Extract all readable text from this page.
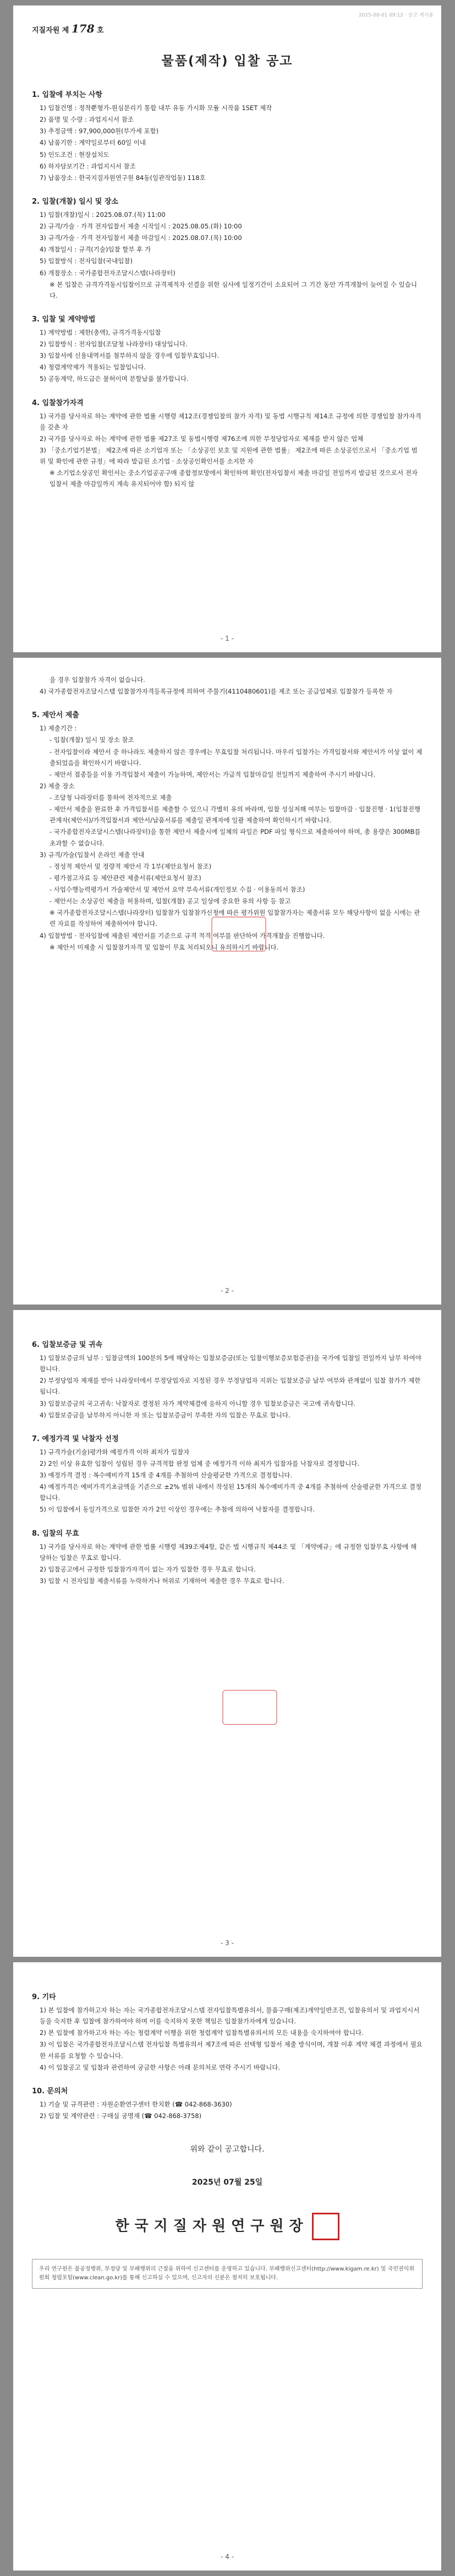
2025-08-01 09:12 · 공고 게시용
지질자원 제 178 호
물품(제작) 입찰 공고
1. 입찰에 부치는 사항
1) 입찰건명 : 정착뿐형가-원심분리기 통합 내부 유동 가시화 모듈 시작품 1SET 제작
2) 품명 및 수량 : 과업지시서 참조
3) 추정금액 : 97,900,000원(부가세 포함)
4) 납품기한 : 계약일로부터 60일 이내
5) 인도조건 : 현장설치도
6) 하자담보기간 : 과업지시서 참조
7) 납품장소 : 한국지질자원연구원 84동(일관작업동) 118호
2. 입찰(개찰) 일시 및 장소
1) 입찰(개찰)일시 : 2025.08.07.(목) 11:00
2) 규격/가술 · 가격 전자입찰서 제출 시작일시 : 2025.08.05.(화) 10:00
3) 규격/가술 · 가격 전자입찰서 제출 마감일시 : 2025.08.07.(목) 10:00
4) 개찰일시 : 규격(기술)입찰 할부 후 가
5) 입찰방식 : 전자입찰(국내입찰)
6) 개찰장소 : 국가종합전자조달시스템(나라장터)
※ 본 입찰은 규격가격동시입찰이므로 규격제적자 선결을 위한 심사에 일정기간이 소요되어 그 기간 동안 가격개찰이 늦어질 수 있습니다.
3. 입찰 및 계약방법
1) 계약방법 : 제한(총액), 규격가격동시입찰
2) 입찰방식 : 전자입찰(조달청 나라장터) 대상입니다.
3) 입찰서에 신용내역서를 첨부하지 않을 경우에 입찰무효입니다.
4) 청렴계약제가 적용되는 입찰입니다.
5) 공동계약, 하도급은 불허이며 분할납품 불가합니다.
4. 입찰참가자격
1) 국가를 당사자로 하는 계약에 관한 법률 시행령 제12조(경쟁입찰의 참가 자격) 및 동법 시행규칙 제14조 규정에 의한 경쟁입찰 참가자격을 갖춘 자
2) 국가를 당사자로 하는 계약에 관한 법률 제27조 및 동법시행령 제76조에 의한 부정당업자로 제재를 받지 않은 업체
3) 「중소기업기본법」 제2조에 따른 소기업자 또는 「소상공인 보호 및 지원에 관한 법률」 제2조에 따른 소상공인으로서 「중소기업 범위 및 확인에 관한 규정」에 따라 발급된 소기업 · 소상공인확인서를 소지한 자
※ 소기업소상공인 확인서는 중소기업공공구매 종합정보망에서 확인하며 확인(전자입찰서 제출 마감일 전일까지 발급된 것으로서 전자입찰서 제출 마감일까지 계속 유지되어야 함) 되지 않
- 1 -
을 경우 입찰참가 자격이 없습니다.
4) 국가종합전자조달시스템 입찰참가자격등록규정에 의하여 주물기(4110480601)를 제조 또는 공급업체로 입찰참가 등록한 자
5. 제안서 제출
1) 제출기간 :
- 입찰(개찰) 일시 및 장소 참조
- 전자입찰이라 제안서 중 하나라도 제출하지 않은 경우에는 무효입찰 처리됩니다. 마우리 입찰가는 가격입찰서와 제안서가 이상 없이 제출되었음을 확인하시기 바랍니다.
- 제안서 접종들을 이용 가격입찰서 제출이 가능하며, 제안서는 가급적 입찰마감일 전일까지 제출하여 주시기 바랍니다.
2) 제출 장소
- 조달청 나라장터를 통하여 전자적으로 제출
- 제안서 제출을 완료한 후 가격입찰서를 제출할 수 있으니 각별히 유의 바라며, 입찰 성실저해 여부는 입찰마감 · 입찰진행 · 1(입찰진행 관계자(제안서)/가격입찰서과 제안서/납품서류를 제출일 관계자에 일괄 제출하여 확인하시기 바랍니다.
- 국가종합전자조달시스템(나라장터)을 통한 제안서 제출시에 일체의 파일은 PDF 파일 형식으로 제출하여야 하며, 총 용량은 300MB를 초과할 수 없습니다.
3) 규격/가술(입찰서 온라인 제출 안내
- 정성적 제안서 및 정량적 제안서 각 1부(제안요청서 참조)
- 평가점고자료 등 제안관련 제출서류(제안요청서 참조)
- 사업수행능력평가서 가술제안서 및 제안서 요약 부속서류(개인정보 수집 · 이용동의서 참조)
- 제안서는 소상공인 제출을 허용하며, 입찰(개찰) 공고 일상에 중요한 유의 사항 등 참고
※ 국가종합전자조달시스템(나라장터) 입찰참가 입찰참가신청에 따른 평가위원 입찰참가자는 제출서류 모두 해당사항이 없을 시에는 관련 자료를 작성하여 제출하여야 합니다.
4) 입찰방법 · 전자입찰에 제출된 제안서를 기준으로 규격 적격 여부를 판단하여 가격개찰을 진행합니다.
※ 제안서 미제출 시 입찰참가자격 및 입찰이 무효 처리되오니 유의하시기 바랍니다.
- 2 -
6. 입찰보증금 및 귀속
1) 입찰보증금의 납부 : 입찰금액의 100분의 5에 해당하는 입찰보증금(또는 입찰이행보증보험증권)을 국가에 입찰일 전일까지 납부 하여야 합니다.
2) 부정당업자 제재를 받아 나라장터에서 부정당업자로 지정된 경우 부정당업자 지위는 입찰보증금 납부 여부와 관계없이 입찰 참가가 제한됩니다.
3) 입찰보증금의 국고귀속: 낙찰자로 결정된 자가 계약체결에 응하지 아니할 경우 입찰보증금은 국고에 귀속합니다.
4) 입찰보증금을 납부하지 아니한 자 또는 입찰보증금이 부족한 자의 입찰은 무효로 합니다.
7. 예정가격 및 낙찰자 선정
1) 규격가술(기술)평가와 예정가격 이하 최저가 입찰자
2) 2인 이상 유효한 입찰이 성립된 경우 규격적합 판정 업체 중 예정가격 이하 최저가 입찰자를 낙찰자로 결정합니다.
3) 예정가격 결정 : 복수예비가격 15개 중 4개를 추첨하여 산술평균한 가격으로 결정합니다.
4) 예정가격은 예비가격기초금액을 기준으로 ±2% 범위 내에서 작성된 15개의 복수예비가격 중 4개를 추첨하여 산술평균한 가격으로 결정합니다.
5) 이 입찰에서 동일가격으로 입찰한 자가 2인 이상인 경우에는 추첨에 의하여 낙찰자를 결정합니다.
8. 입찰의 무효
1) 국가를 당사자로 하는 계약에 관한 법률 시행령 제39조제4항, 같은 법 시행규칙 제44조 및 「계약예규」에 규정한 입찰무효 사항에 해당하는 입찰은 무효로 합니다.
2) 입찰공고에서 규정한 입찰참가자격이 없는 자가 입찰한 경우 무효로 합니다.
3) 입찰 시 전자입찰 제출서류를 누락하거나 허위로 기재하여 제출한 경우 무효로 합니다.
- 3 -
9. 기타
1) 본 입찰에 참가하고자 하는 자는 국가종합전자조달시스템 전자입찰특별유의서, 물품구매(제조)계약일반조건, 입찰유의서 및 과업지시서 등을 숙지한 후 입찰에 참가하여야 하며 이를 숙지하지 못한 책임은 입찰참가자에게 있습니다.
2) 본 입찰에 참가하고자 하는 자는 청렴계약 이행을 위한 청렴계약 입찰특별유의서의 모든 내용을 숙지하여야 합니다.
3) 이 입찰은 국가종합전자조달시스템 전자입찰 특별유의서 제7조에 따른 선택형 입찰서 제출 방식이며, 개찰 이후 계약 체결 과정에서 필요한 서류를 요청할 수 있습니다.
4) 이 입찰공고 및 입찰과 관련하여 궁금한 사항은 아래 문의처로 연락 주시기 바랍니다.
10. 문의처
1) 기술 및 규격관련 : 자원순환연구센터 한치환 (☎ 042-868-3630)
2) 입찰 및 계약관련 : 구매실 궁명재 (☎ 042-868-3758)
위와 같이 공고합니다.
2025년 07월 25일
한국지질자원연구원장
우리 연구원은 불공정행위, 부정당 및 부패행위의 근절을 위하여 신고센터를 운영하고 있습니다. 부패행위신고센터(http://www.kigam.re.kr) 및 국민권익위원회 청렴포털(www.clean.go.kr)를 통해 신고하실 수 있으며, 신고자의 신분은 철저히 보호됩니다.
- 4 -
